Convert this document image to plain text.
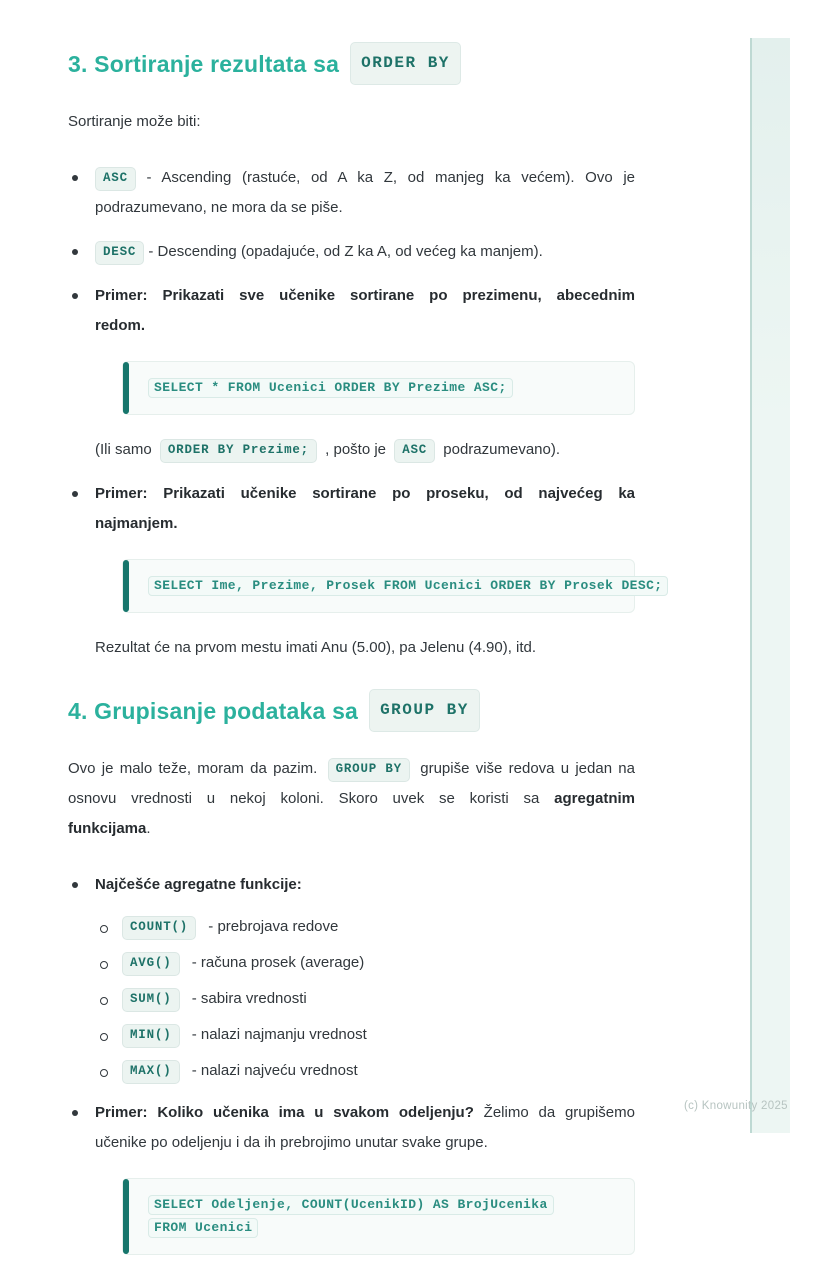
3. Sortiranje rezultata sa	ORDER BY
Sortiranje može biti:
ASC - Ascending (rastuće, od A ka Z, od manjeg ka većem). Ovo je
podrazumevano, ne mora da se piše.
DESC - Descending (opadajuće, od Z ka A, od većeg ka manjem).
Primer: Prikazati sve učenike sortirane po prezimenu, abecednim
redom.
SELECT * FROM Ucenici ORDER BY Prezime ASC;
(Ili samo ORDER BY Prezime; , pošto je ASC podrazumevano).
Primer: Prikazati učenike sortirane po proseku, od najvećeg ka
najmanjem.
SELECT Ime, Prezime, Prosek FROM Ucenici ORDER BY Prosek DESC;
Rezultat će na prvom mestu imati Anu (5.00), pa Jelenu (4.90), itd.
4. Grupisanje podataka sa	GROUP BY
Ovo je malo teže, moram da pazim. GROUP BY grupiše više redova u jedan na
osnovu vrednosti u nekoj koloni. Skoro uvek se koristi sa agregatnim
funkcijama.
Najčešće agregatne funkcije:
COUNT() - prebrojava redove
AVG() - računa prosek (average)
SUM() - sabira vrednosti
MIN() - nalazi najmanju vrednost
MAX() - nalazi najveću vrednost
Primer: Koliko učenika ima u svakom odeljenju? Želimo da grupišemo
učenike po odeljenju i da ih prebrojimo unutar svake grupe.
SELECT Odeljenje, COUNT(UcenikID) AS BrojUcenika
FROM Ucenici
(c) Knowunity 2025
